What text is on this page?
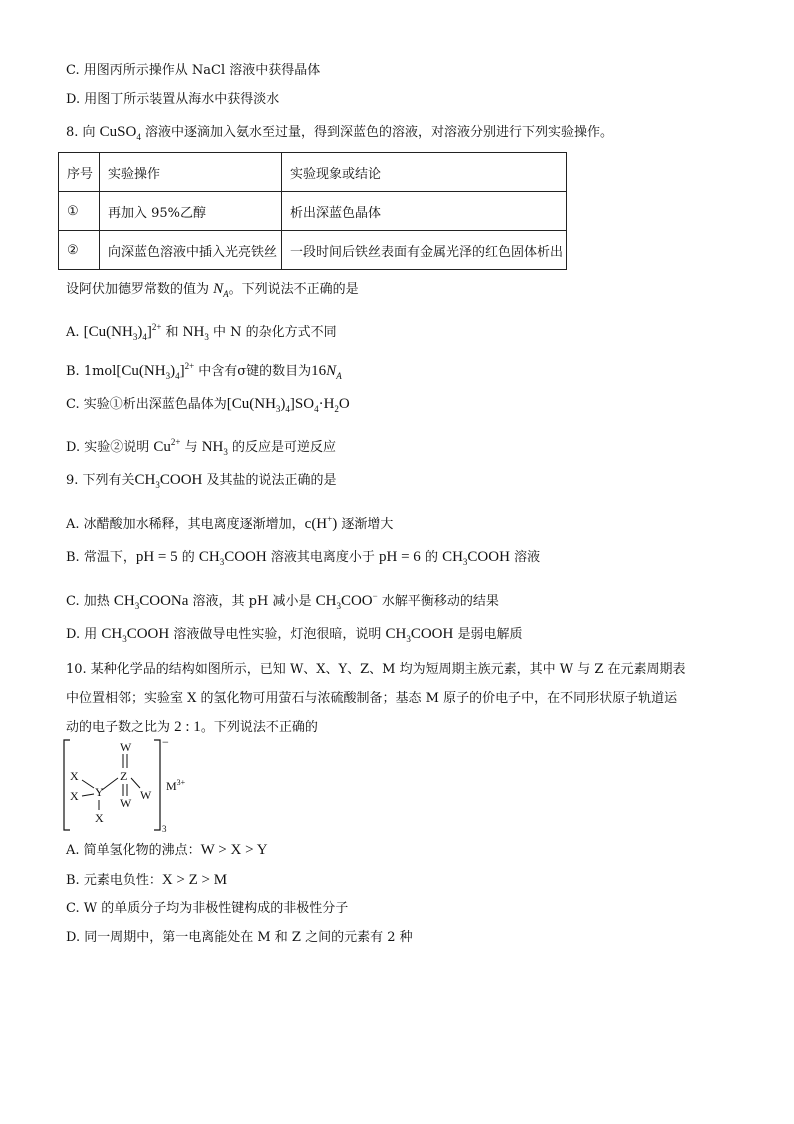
C. 用图丙所示操作从 NaCl 溶液中获得晶体
D. 用图丁所示装置从海水中获得淡水
8. 向 CuSO$_4$ 溶液中逐滴加入氨水至过量，得到深蓝色的溶液，对溶液分别进行下列实验操作。
序号	实验操作	实验现象或结论
①	再加入 95%乙醇	析出深蓝色晶体
②	向深蓝色溶液中插入光亮铁丝	一段时间后铁丝表面有金属光泽的红色固体析出
设阿伏加德罗常数的值为 $N_A$。下列说法不正确的是
A. $[Cu(NH_3)_4]^{2+}$ 和 $NH_3$ 中 N 的杂化方式不同
B. $1mol[Cu(NH_3)_4]^{2+}$ 中含有σ键的数目为$16N_A$
C. 实验①析出深蓝色晶体为$[Cu(NH_3)_4]SO_4\cdot H_2O$
D. 实验②说明 $Cu^{2+}$ 与 $NH_3$ 的反应是可逆反应
9. 下列有关$CH_3COOH$ 及其盐的说法正确的是
A. 冰醋酸加水稀释，其电离度逐渐增加，c(H+) 逐渐增大
B. 常温下，pH = 5 的 $CH_3COOH$ 溶液其电离度小于 pH = 6 的 $CH_3COOH$ 溶液
C. 加热 $CH_3COONa$ 溶液，其 pH 减小是 $CH_3COO^-$ 水解平衡移动的结果
D. 用 $CH_3COOH$ 溶液做导电性实验，灯泡很暗，说明 $CH_3COOH$ 是弱电解质
10. 某种化学品的结构如图所示，已知 W、X、Y、Z、M 均为短周期主族元素，其中 W 与 Z 在元素周期表
中位置相邻；实验室 X 的氢化物可用萤石与浓硫酸制备；基态 M 原子的价电子中，在不同形状原子轨道运
动的电子数之比为 2 : 1。下列说法不正确的
−
3
$M^{3+}$
W
Z
W
W
Y
X
X
X
A. 简单氢化物的沸点：W > X > Y
B. 元素电负性：X > Z > M
C. W 的单质分子均为非极性键构成的非极性分子
D. 同一周期中，第一电离能处在 M 和 Z 之间的元素有 2 种
